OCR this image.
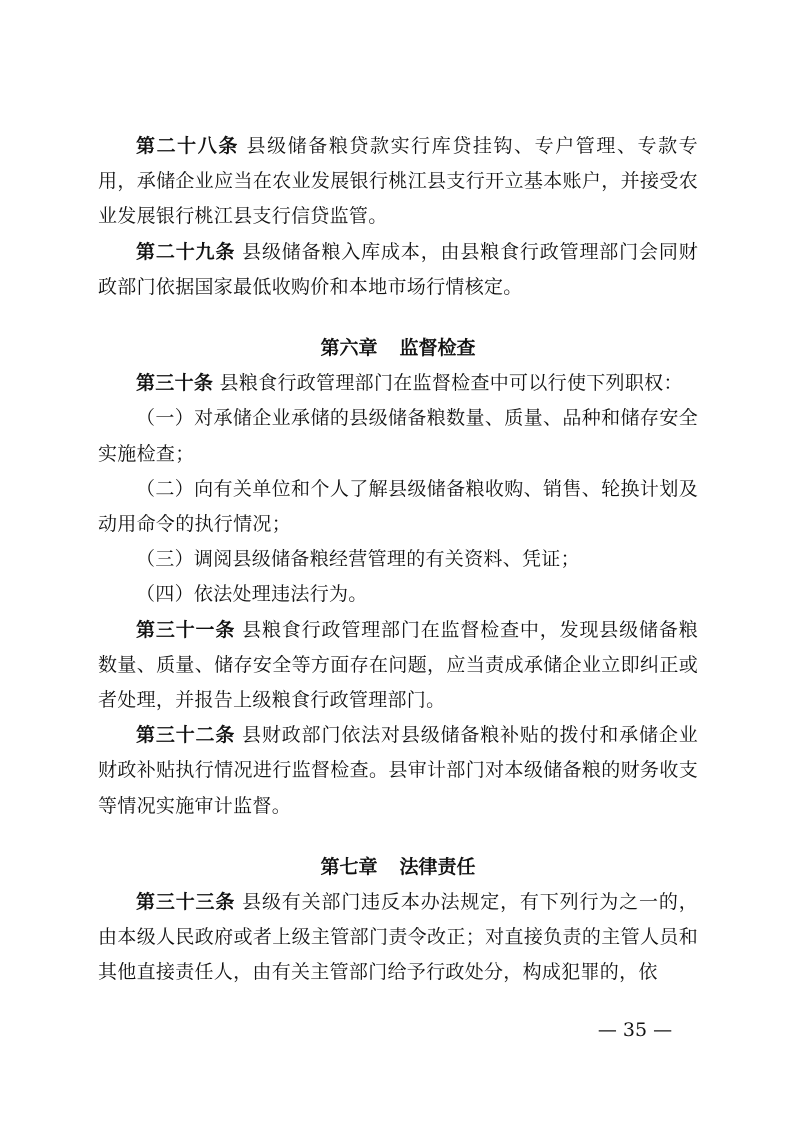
第二十八条 县级储备粮贷款实行库贷挂钩、专户管理、专款专用，承储企业应当在农业发展银行桃江县支行开立基本账户，并接受农业发展银行桃江县支行信贷监管。

第二十九条 县级储备粮入库成本，由县粮食行政管理部门会同财政部门依据国家最低收购价和本地市场行情核定。

第六章 监督检查

第三十条 县粮食行政管理部门在监督检查中可以行使下列职权：

（一）对承储企业承储的县级储备粮数量、质量、品种和储存安全实施检查；

（二）向有关单位和个人了解县级储备粮收购、销售、轮换计划及动用命令的执行情况；

（三）调阅县级储备粮经营管理的有关资料、凭证；

（四）依法处理违法行为。

第三十一条 县粮食行政管理部门在监督检查中，发现县级储备粮数量、质量、储存安全等方面存在问题，应当责成承储企业立即纠正或者处理，并报告上级粮食行政管理部门。

第三十二条 县财政部门依法对县级储备粮补贴的拨付和承储企业财政补贴执行情况进行监督检查。县审计部门对本级储备粮的财务收支等情况实施审计监督。

第七章 法律责任

第三十三条 县级有关部门违反本办法规定，有下列行为之一的，由本级人民政府或者上级主管部门责令改正；对直接负责的主管人员和其他直接责任人，由有关主管部门给予行政处分，构成犯罪的，依

— 35 —
